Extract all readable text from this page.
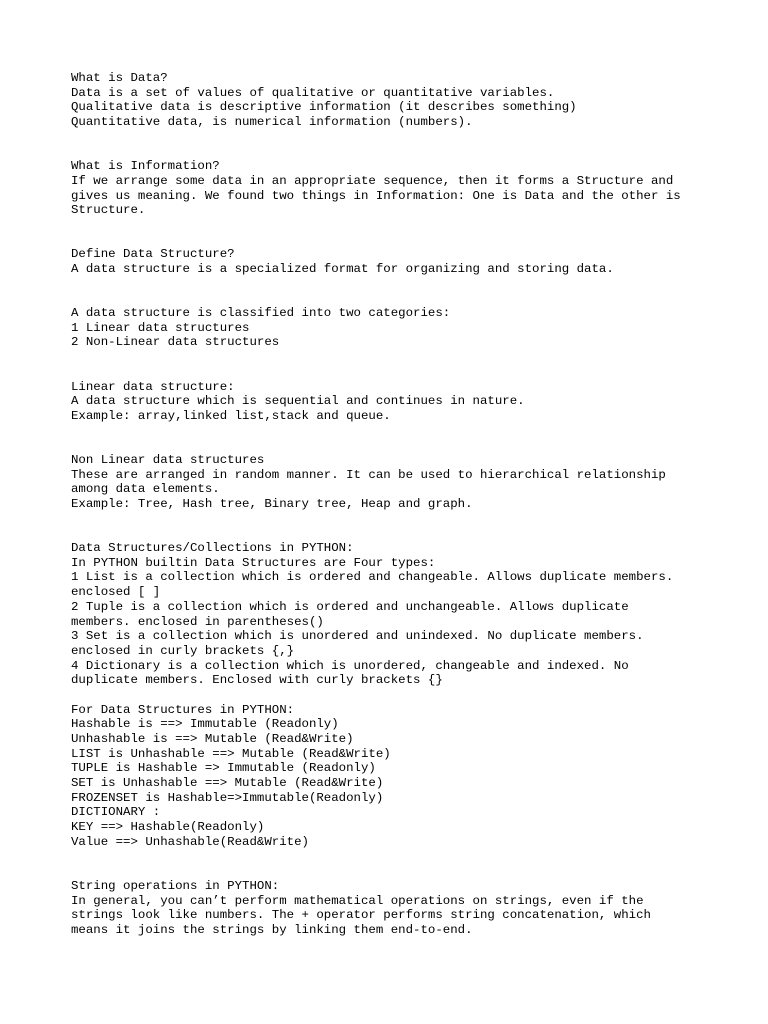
What is Data?
Data is a set of values of qualitative or quantitative variables.
Qualitative data is descriptive information (it describes something)
Quantitative data, is numerical information (numbers).
What is Information?
If we arrange some data in an appropriate sequence, then it forms a Structure and
gives us meaning. We found two things in Information: One is Data and the other is
Structure.
Define Data Structure?
A data structure is a specialized format for organizing and storing data.
A data structure is classified into two categories:
1 Linear data structures
2 Non-Linear data structures
Linear data structure:
A data structure which is sequential and continues in nature.
Example: array,linked list,stack and queue.
Non Linear data structures
These are arranged in random manner. It can be used to hierarchical relationship
among data elements.
Example: Tree, Hash tree, Binary tree, Heap and graph.
Data Structures/Collections in PYTHON:
In PYTHON builtin Data Structures are Four types:
1 List is a collection which is ordered and changeable. Allows duplicate members.
enclosed [ ]
2 Tuple is a collection which is ordered and unchangeable. Allows duplicate
members. enclosed in parentheses()
3 Set is a collection which is unordered and unindexed. No duplicate members.
enclosed in curly brackets {,}
4 Dictionary is a collection which is unordered, changeable and indexed. No
duplicate members. Enclosed with curly brackets {}
For Data Structures in PYTHON:
Hashable is ==> Immutable (Readonly)
Unhashable is ==> Mutable (Read&Write)
LIST is Unhashable ==> Mutable (Read&Write)
TUPLE is Hashable => Immutable (Readonly)
SET is Unhashable ==> Mutable (Read&Write)
FROZENSET is Hashable=>Immutable(Readonly)
DICTIONARY :
KEY ==> Hashable(Readonly)
Value ==> Unhashable(Read&Write)
String operations in PYTHON:
In general, you can’t perform mathematical operations on strings, even if the
strings look like numbers. The + operator performs string concatenation, which
means it joins the strings by linking them end-to-end.
